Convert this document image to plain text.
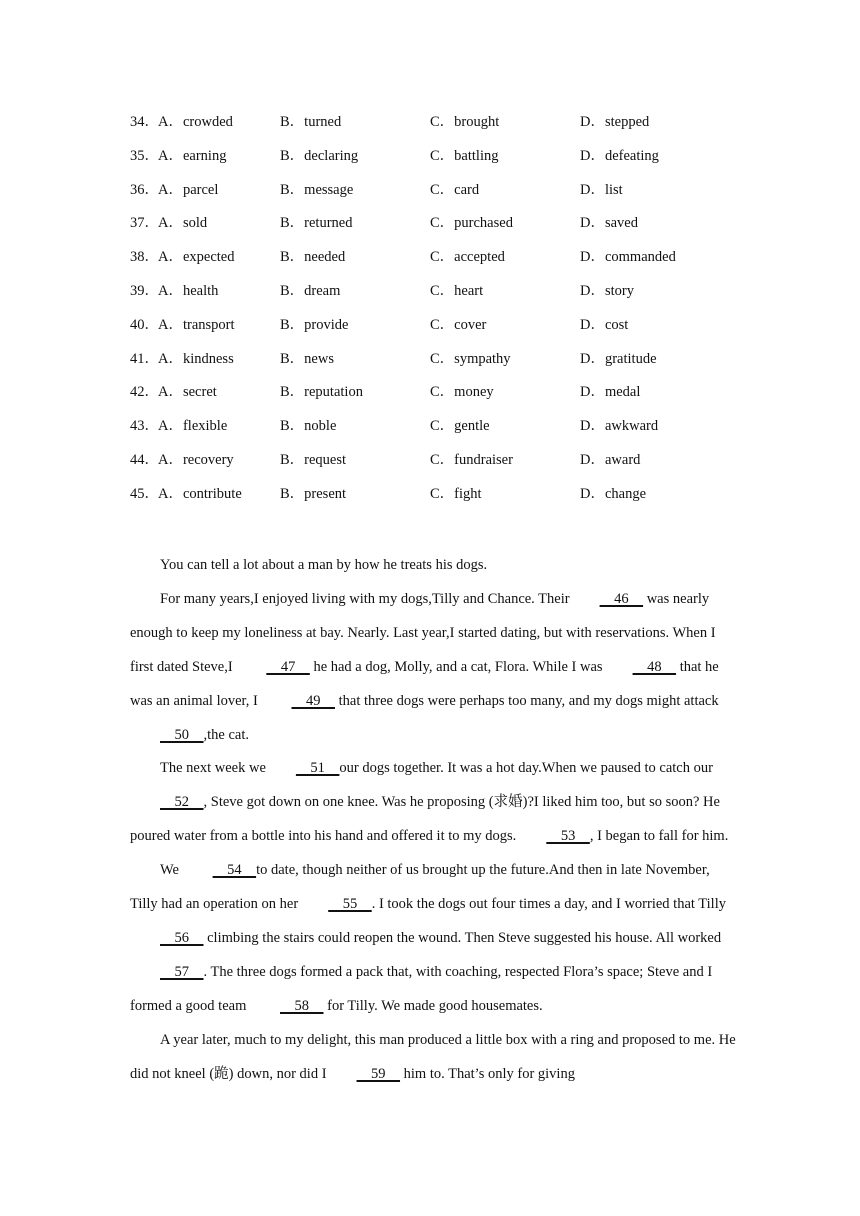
34． A．crowded	B．turned	C．brought	D．stepped
35． A．earning	B．declaring	C．battling	D．defeating
36． A．parcel	B．message	C．card	D．list
37． A．sold	B．returned	C．purchased	D．saved
38． A．expected	B．needed	C．accepted	D．commanded
39． A．health	B．dream	C．heart	D．story
40． A．transport	B．provide	C．cover	D．cost
41． A．kindness	B．news	C．sympathy	D．gratitude
42． A．secret	B．reputation	C．money	D．medal
43． A．flexible	B．noble	C．gentle	D．awkward
44． A．recovery	B．request	C．fundraiser	D．award
45． A．contribute	B．present	C．fight	D．change

You can tell a lot about a man by how he treats his dogs.

For many years,I enjoyed living with my dogs,Tilly and Chance. Their    46     was nearly enough to keep my loneliness at bay. Nearly. Last year,I started dating, but with reservations. When I first dated Steve,I     47     he had a dog, Molly, and a cat, Flora. While I was    48     that he was an animal lover, I     49     that three dogs were perhaps too many, and my dogs might attack     50    ,the cat.

The next week we    51    our dogs together. It was a hot day.When we paused to catch our     52    , Steve got down on one knee. Was he proposing (求婚)?I liked him too, but so soon? He poured water from a bottle into his hand and offered it to my dogs.    53    , I began to fall for him.

We     54    to date, though neither of us brought up the future.And then in late November, Tilly had an operation on her    55    . I took the dogs out four times a day, and I worried that Tilly     56     climbing the stairs could reopen the wound. Then Steve suggested his house. All worked     57    . The three dogs formed a pack that, with coaching, respected Flora’s space; Steve and I formed a good team     58     for Tilly. We made good housemates.

A year later, much to my delight, this man produced a little box with a ring and proposed to me. He did not kneel (跪) down, nor did I    59     him to. That’s only for giving
